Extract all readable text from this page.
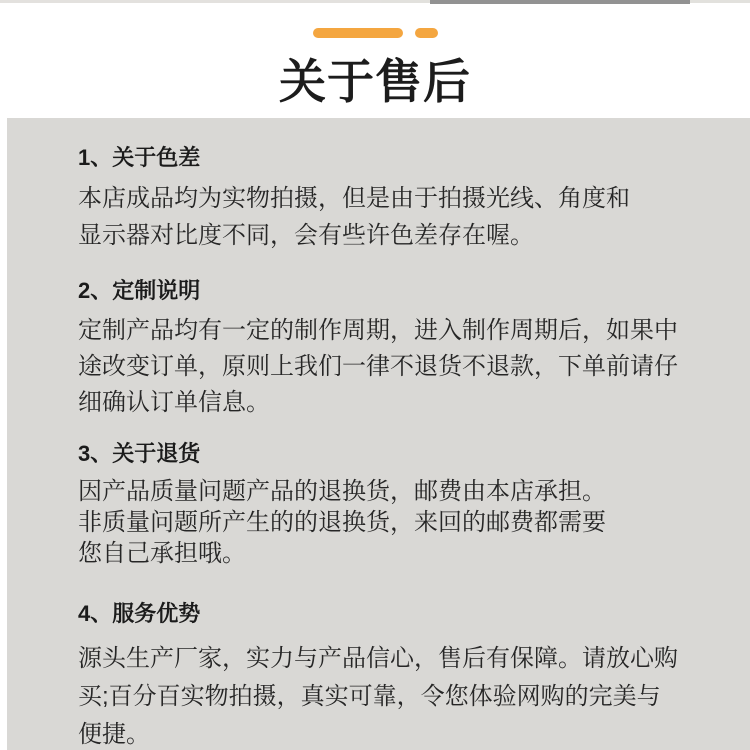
关于售后
1、关于色差
本店成品均为实物拍摄，但是由于拍摄光线、角度和
显示器对比度不同，会有些许色差存在喔。
2、定制说明
定制产品均有一定的制作周期，进入制作周期后，如果中
途改变订单，原则上我们一律不退货不退款，下单前请仔
细确认订单信息。
3、关于退货
因产品质量问题产品的退换货，邮费由本店承担。
非质量问题所产生的的退换货，来回的邮费都需要
您自己承担哦。
4、服务优势
源头生产厂家，实力与产品信心，售后有保障。请放心购
买;百分百实物拍摄，真实可靠，令您体验网购的完美与
便捷。
